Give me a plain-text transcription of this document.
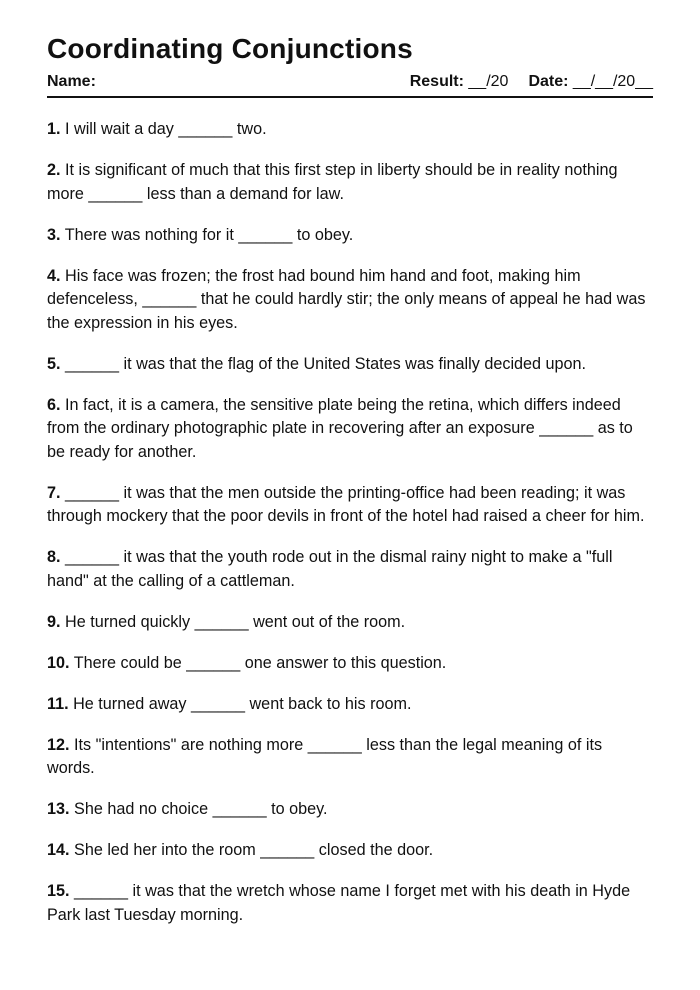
Coordinating Conjunctions
Name:	Result: __/20 Date: __/__/20__

1. I will wait a day ______ two.

2. It is significant of much that this first step in liberty should be in reality nothing more ______ less than a demand for law.

3. There was nothing for it ______ to obey.

4. His face was frozen; the frost had bound him hand and foot, making him defenceless, ______ that he could hardly stir; the only means of appeal he had was the expression in his eyes.

5. ______ it was that the flag of the United States was finally decided upon.

6. In fact, it is a camera, the sensitive plate being the retina, which differs indeed from the ordinary photographic plate in recovering after an exposure ______ as to be ready for another.

7. ______ it was that the men outside the printing-office had been reading; it was through mockery that the poor devils in front of the hotel had raised a cheer for him.

8. ______ it was that the youth rode out in the dismal rainy night to make a "full hand" at the calling of a cattleman.

9. He turned quickly ______ went out of the room.

10. There could be ______ one answer to this question.

11. He turned away ______ went back to his room.

12. Its "intentions" are nothing more ______ less than the legal meaning of its words.

13. She had no choice ______ to obey.

14. She led her into the room ______ closed the door.

15. ______ it was that the wretch whose name I forget met with his death in Hyde Park last Tuesday morning.
